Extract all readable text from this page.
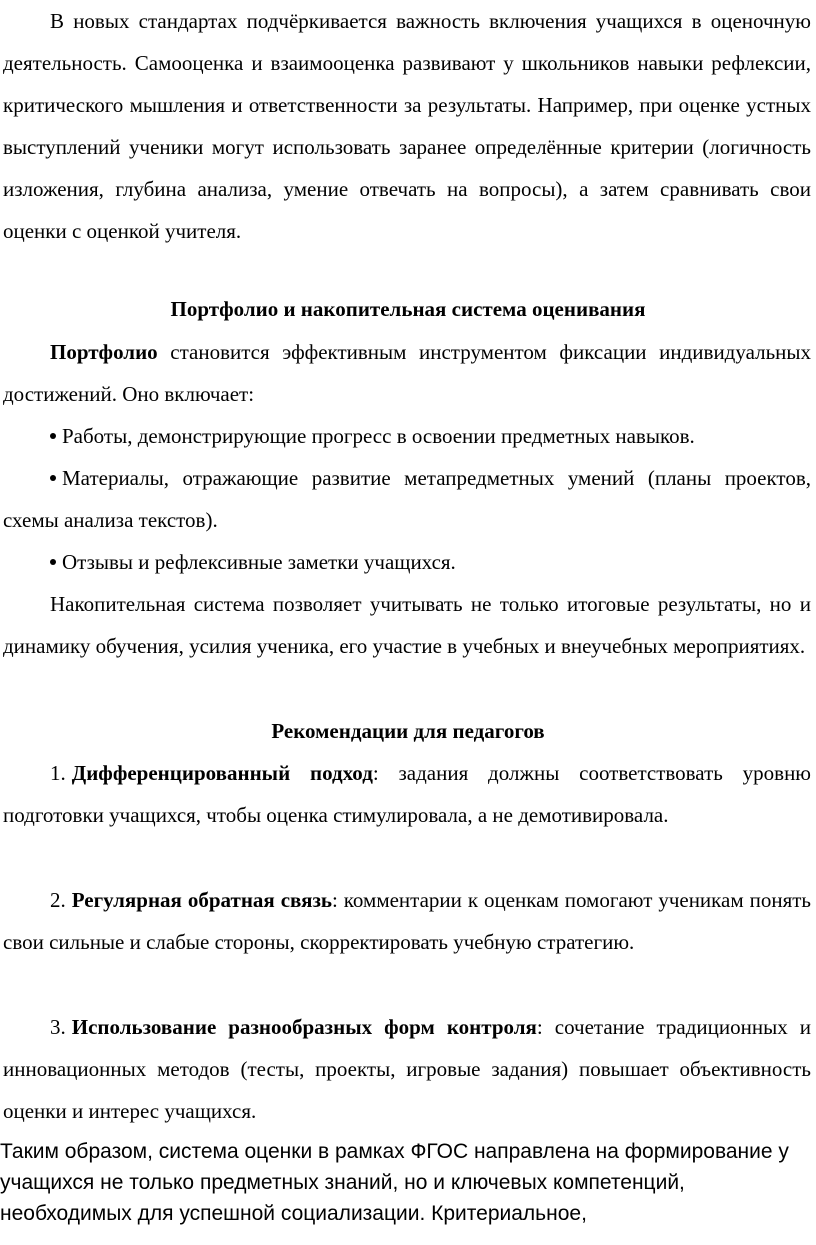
В новых стандартах подчёркивается важность включения учащихся в оценочную деятельность. Самооценка и взаимооценка развивают у школьников навыки рефлексии, критического мышления и ответственности за результаты. Например, при оценке устных выступлений ученики могут использовать заранее определённые критерии (логичность изложения, глубина анализа, умение отвечать на вопросы), а затем сравнивать свои оценки с оценкой учителя.

Портфолио и накопительная система оценивания

Портфолио становится эффективным инструментом фиксации индивидуальных достижений. Оно включает:

Работы, демонстрирующие прогресс в освоении предметных навыков.

Материалы, отражающие развитие метапредметных умений (планы проектов, схемы анализа текстов).

Отзывы и рефлексивные заметки учащихся.

Накопительная система позволяет учитывать не только итоговые результаты, но и динамику обучения, усилия ученика, его участие в учебных и внеучебных мероприятиях.

Рекомендации для педагогов

1. Дифференцированный подход: задания должны соответствовать уровню подготовки учащихся, чтобы оценка стимулировала, а не демотивировала.

2. Регулярная обратная связь: комментарии к оценкам помогают ученикам понять свои сильные и слабые стороны, скорректировать учебную стратегию.

3. Использование разнообразных форм контроля: сочетание традиционных и инновационных методов (тесты, проекты, игровые задания) повышает объективность оценки и интерес учащихся.

Таким образом, система оценки в рамках ФГОС направлена на формирование у учащихся не только предметных знаний, но и ключевых компетенций, необходимых для успешной социализации. Критериальное,
